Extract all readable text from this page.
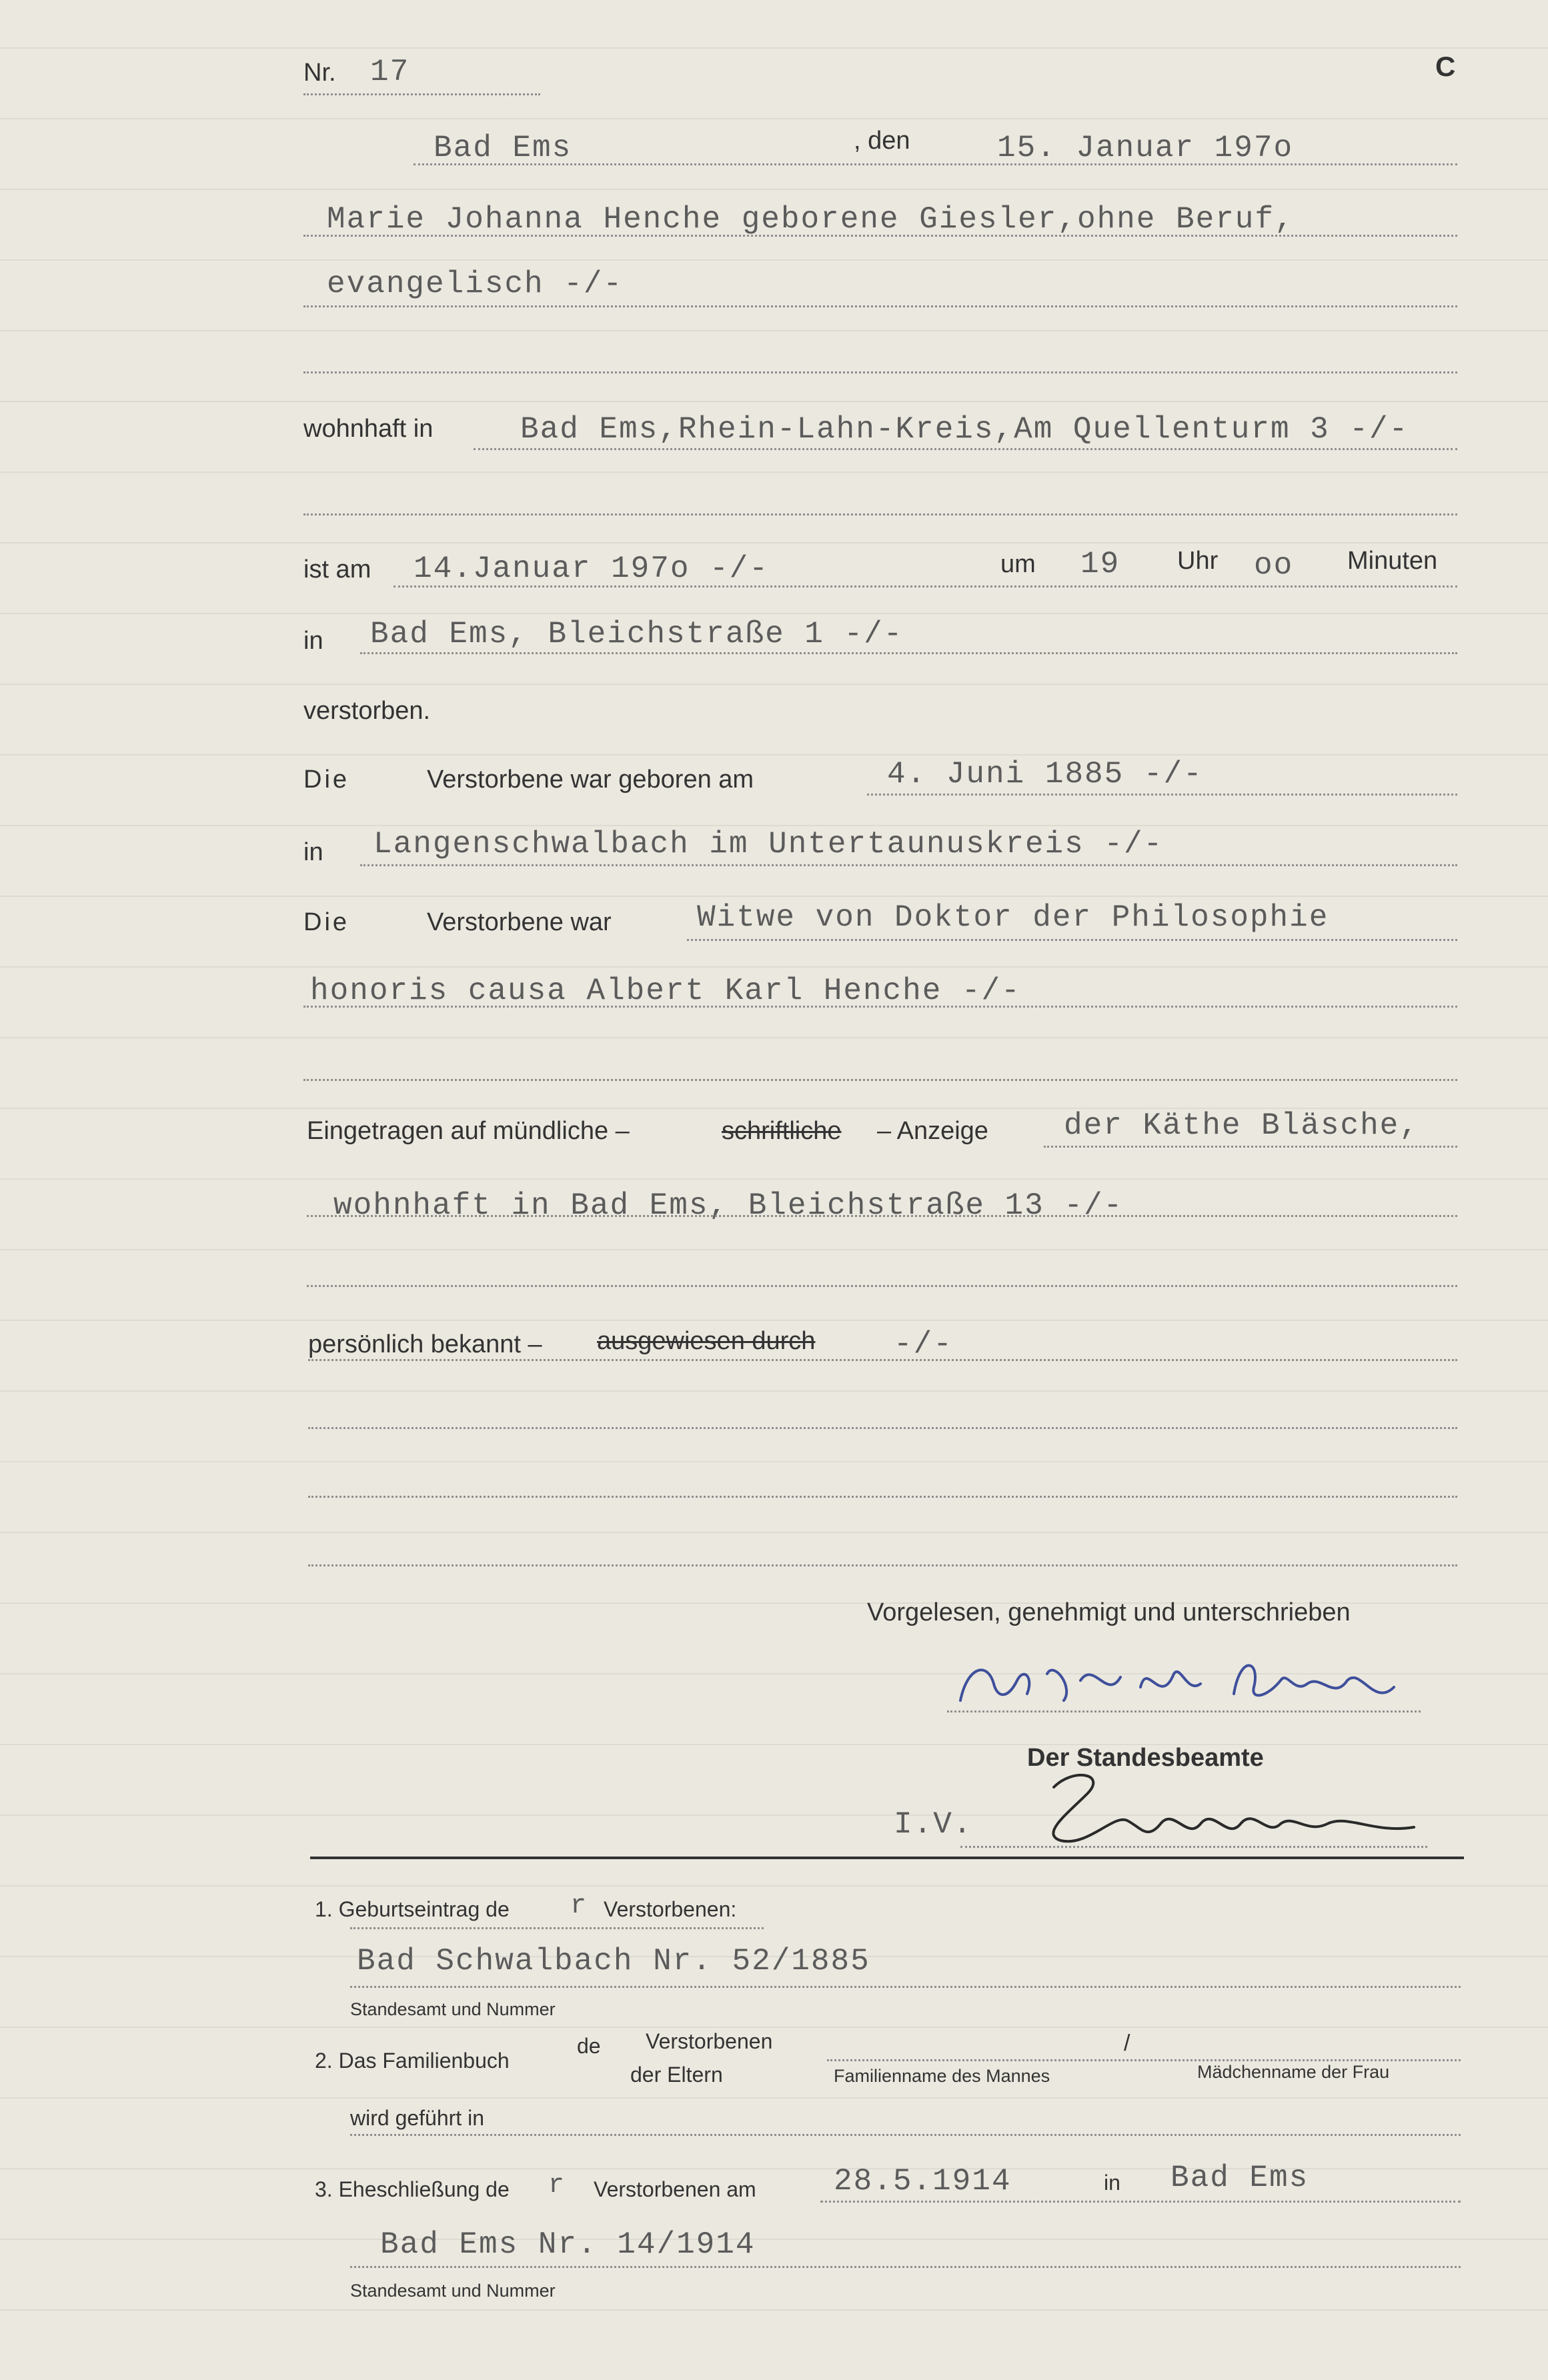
Nr. 17	C
Bad Ems	, den	15. Januar 197o
Marie Johanna Henche geborene Giesler,ohne Beruf,
evangelisch -/-
wohnhaft in	Bad Ems,Rhein-Lahn-Kreis,Am Quellenturm 3 -/-
ist am 14.Januar 197o -/-	um 19 Uhr oo Minuten
in Bad Ems, Bleichstraße 1 -/-
verstorben.
Die	Verstorbene war geboren am	4. Juni 1885 -/-
in Langenschwalbach im Untertaunuskreis -/-
Die	Verstorbene war	Witwe von Doktor der Philosophie
honoris causa Albert Karl Henche -/-
Eingetragen auf mündliche –	schriftliche – Anzeige der Käthe Bläsche,
wohnhaft in Bad Ems, Bleichstraße 13 -/-
persönlich bekannt – ausgewiesen durch	-/-
Vorgelesen, genehmigt und unterschrieben
Der Standesbeamte
I.V.
1. Geburtseintrag de r Verstorbenen:
Bad Schwalbach Nr. 52/1885
Standesamt und Nummer
2. Das Familienbuch
de Verstorbenen
der Eltern
/
Familienname des Mannes	Mädchenname der Frau
wird geführt in
3. Eheschließung de r Verstorbenen am	28.5.1914	in Bad Ems
Bad Ems Nr. 14/1914
Standesamt und Nummer
